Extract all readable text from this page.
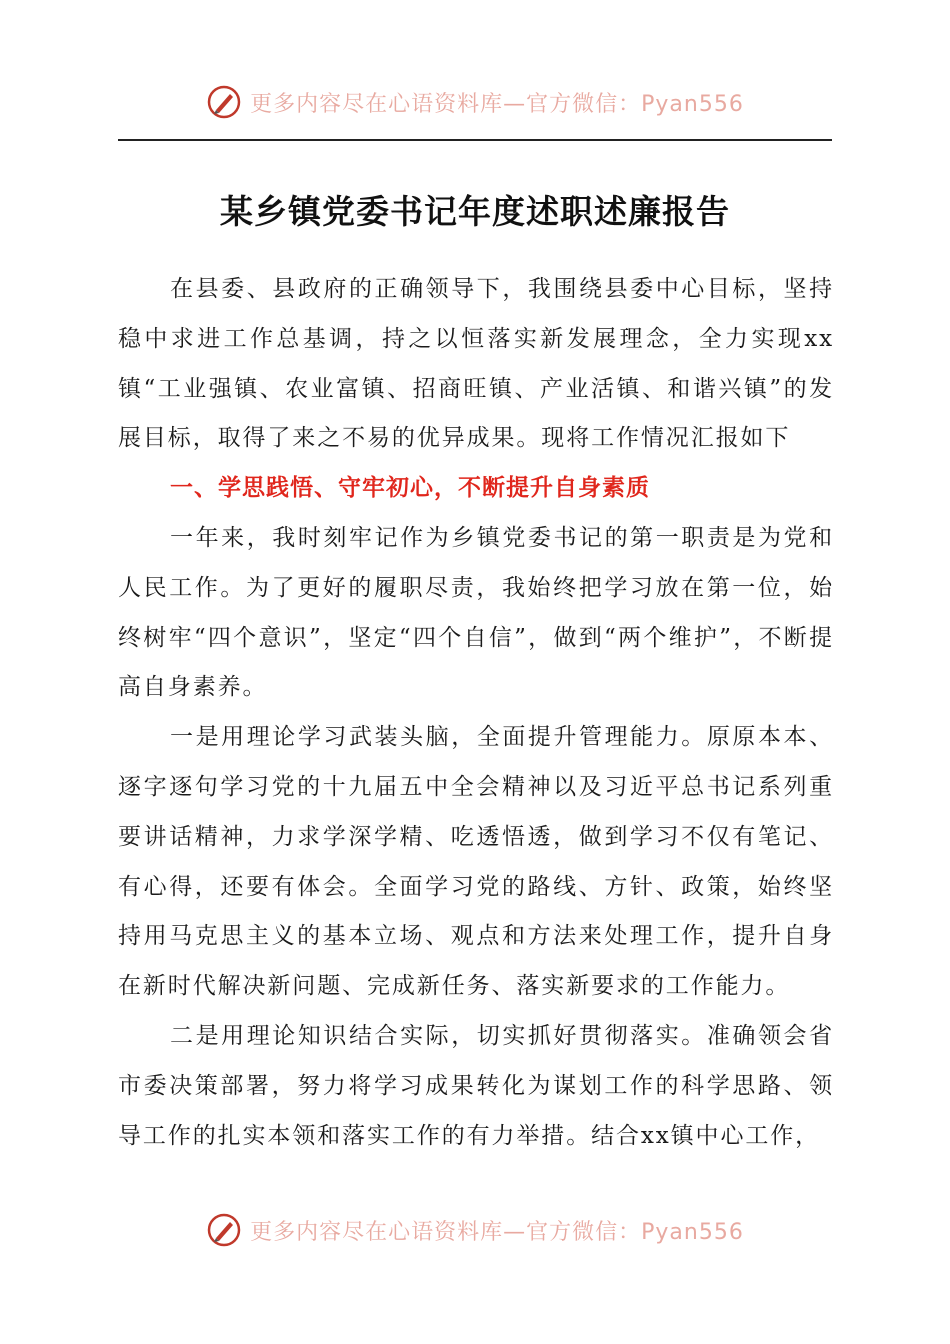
更多内容尽在心语资料库—官方微信：Pyan556
某乡镇党委书记年度述职述廉报告

在县委、县政府的正确领导下，我围绕县委中心目标，坚持稳中求进工作总基调，持之以恒落实新发展理念，全力实现xx镇“工业强镇、农业富镇、招商旺镇、产业活镇、和谐兴镇”的发展目标，取得了来之不易的优异成果。现将工作情况汇报如下

一、学思践悟、守牢初心，不断提升自身素质

一年来，我时刻牢记作为乡镇党委书记的第一职责是为党和人民工作。为了更好的履职尽责，我始终把学习放在第一位，始终树牢“四个意识”，坚定“四个自信”，做到“两个维护”，不断提高自身素养。

一是用理论学习武装头脑，全面提升管理能力。原原本本、逐字逐句学习党的十九届五中全会精神以及习近平总书记系列重要讲话精神，力求学深学精、吃透悟透，做到学习不仅有笔记、有心得，还要有体会。全面学习党的路线、方针、政策，始终坚持用马克思主义的基本立场、观点和方法来处理工作，提升自身在新时代解决新问题、完成新任务、落实新要求的工作能力。

二是用理论知识结合实际，切实抓好贯彻落实。准确领会省市委决策部署，努力将学习成果转化为谋划工作的科学思路、领导工作的扎实本领和落实工作的有力举措。结合xx镇中心工作，

更多内容尽在心语资料库—官方微信：Pyan556
